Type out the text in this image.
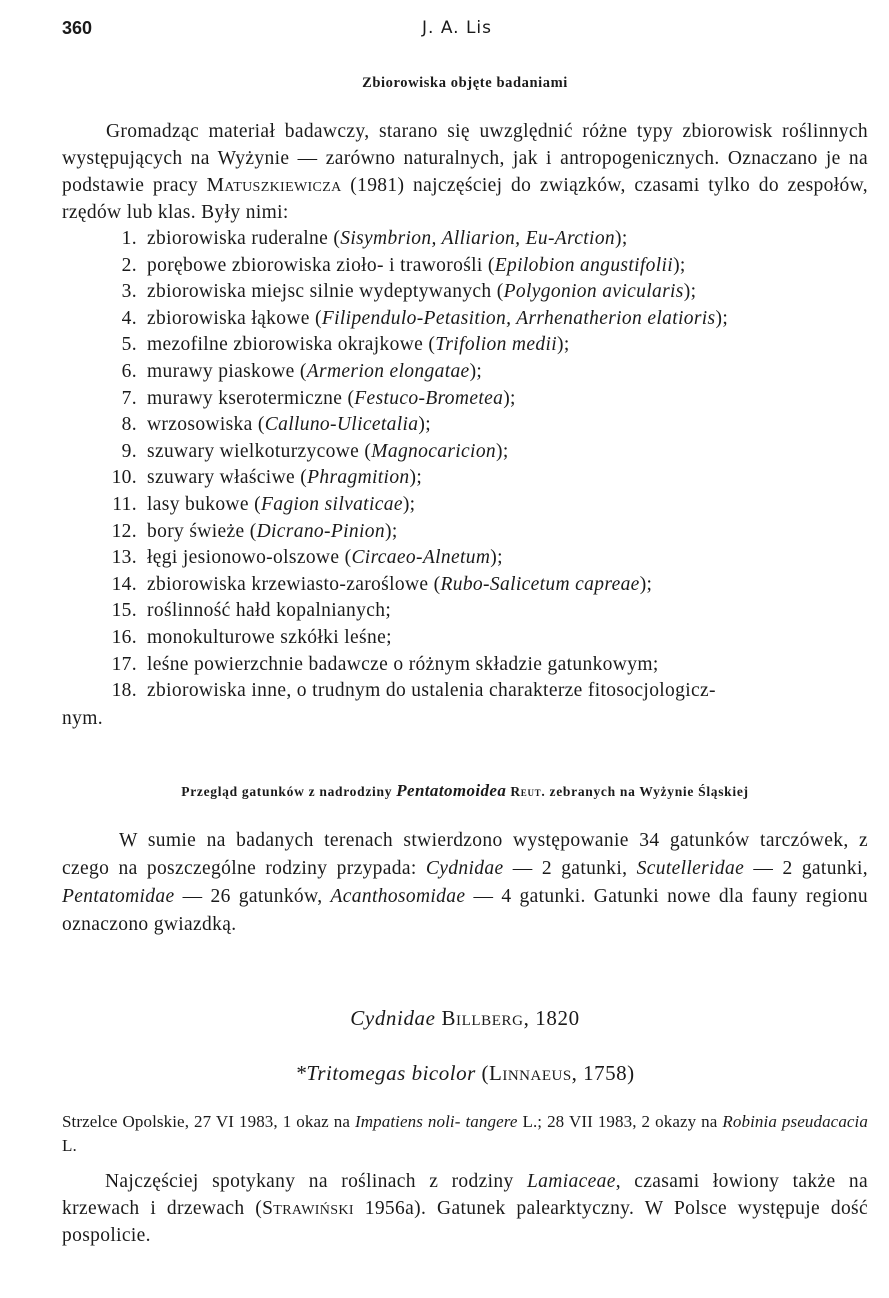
360	J. A. Lis
Zbiorowiska objęte badaniami

Gromadząc materiał badawczy, starano się uwzględnić różne typy zbiorowisk roślinnych występujących na Wyżynie — zarówno naturalnych, jak i antropogenicznych. Oznaczano je na podstawie pracy Matuszkiewicza (1981) najczęściej do związków, czasami tylko do zespołów, rzędów lub klas. Były nimi:

1. zbiorowiska ruderalne (Sisymbrion, Alliarion, Eu-Arction);
2. porębowe zbiorowiska zioło- i traworośli (Epilobion angustifolii);
3. zbiorowiska miejsc silnie wydeptywanych (Polygonion avicularis);
4. zbiorowiska łąkowe (Filipendulo-Petasition, Arrhenatherion elatioris);
5. mezofilne zbiorowiska okrajkowe (Trifolion medii);
6. murawy piaskowe (Armerion elongatae);
7. murawy kserotermiczne (Festuco-Brometea);
8. wrzosowiska (Calluno-Ulicetalia);
9. szuwary wielkoturzycowe (Magnocaricion);
10. szuwary właściwe (Phragmition);
11. lasy bukowe (Fagion silvaticae);
12. bory świeże (Dicrano-Pinion);
13. łęgi jesionowo-olszowe (Circaeo-Alnetum);
14. zbiorowiska krzewiasto-zaroślowe (Rubo-Salicetum capreae);
15. roślinność hałd kopalnianych;
16. monokulturowe szkółki leśne;
17. leśne powierzchnie badawcze o różnym składzie gatunkowym;
18. zbiorowiska inne, o trudnym do ustalenia charakterze fitosocjologicz-
nym.
Przegląd gatunków z nadrodziny Pentatomoidea Reut. zebranych na Wyżynie Śląskiej

W sumie na badanych terenach stwierdzono występowanie 34 gatunków tarczówek, z czego na poszczególne rodziny przypada: Cydnidae — 2 gatunki, Scutelleridae — 2 gatunki, Pentatomidae — 26 gatunków, Acanthosomidae — 4 gatunki. Gatunki nowe dla fauny regionu oznaczono gwiazdką.

Cydnidae Billberg, 1820
*Tritomegas bicolor (Linnaeus, 1758)

Strzelce Opolskie, 27 VI 1983, 1 okaz na Impatiens noli- tangere L.; 28 VII 1983, 2 okazy na Robinia pseudacacia L.

Najczęściej spotykany na roślinach z rodziny Lamiaceae, czasami łowiony także na krzewach i drzewach (Strawiński 1956a). Gatunek palearktyczny. W Polsce występuje dość pospolicie.
